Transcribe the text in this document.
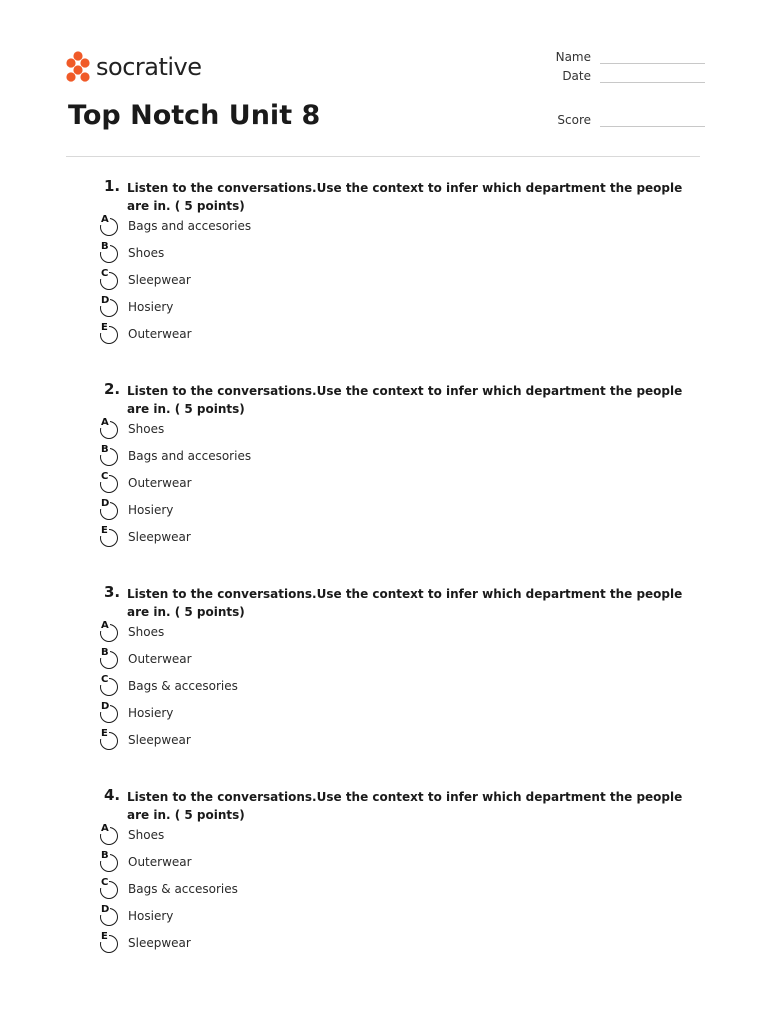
socrative
Top Notch Unit 8
Name
Date
Score
1. Listen to the conversations.Use the context to infer which department the people are in. ( 5 points)
A Bags and accesories
B Shoes
C Sleepwear
D Hosiery
E Outerwear
2. Listen to the conversations.Use the context to infer which department the people are in. ( 5 points)
A Shoes
B Bags and accesories
C Outerwear
D Hosiery
E Sleepwear
3. Listen to the conversations.Use the context to infer which department the people are in. ( 5 points)
A Shoes
B Outerwear
C Bags & accesories
D Hosiery
E Sleepwear
4. Listen to the conversations.Use the context to infer which department the people are in. ( 5 points)
A Shoes
B Outerwear
C Bags & accesories
D Hosiery
E Sleepwear
